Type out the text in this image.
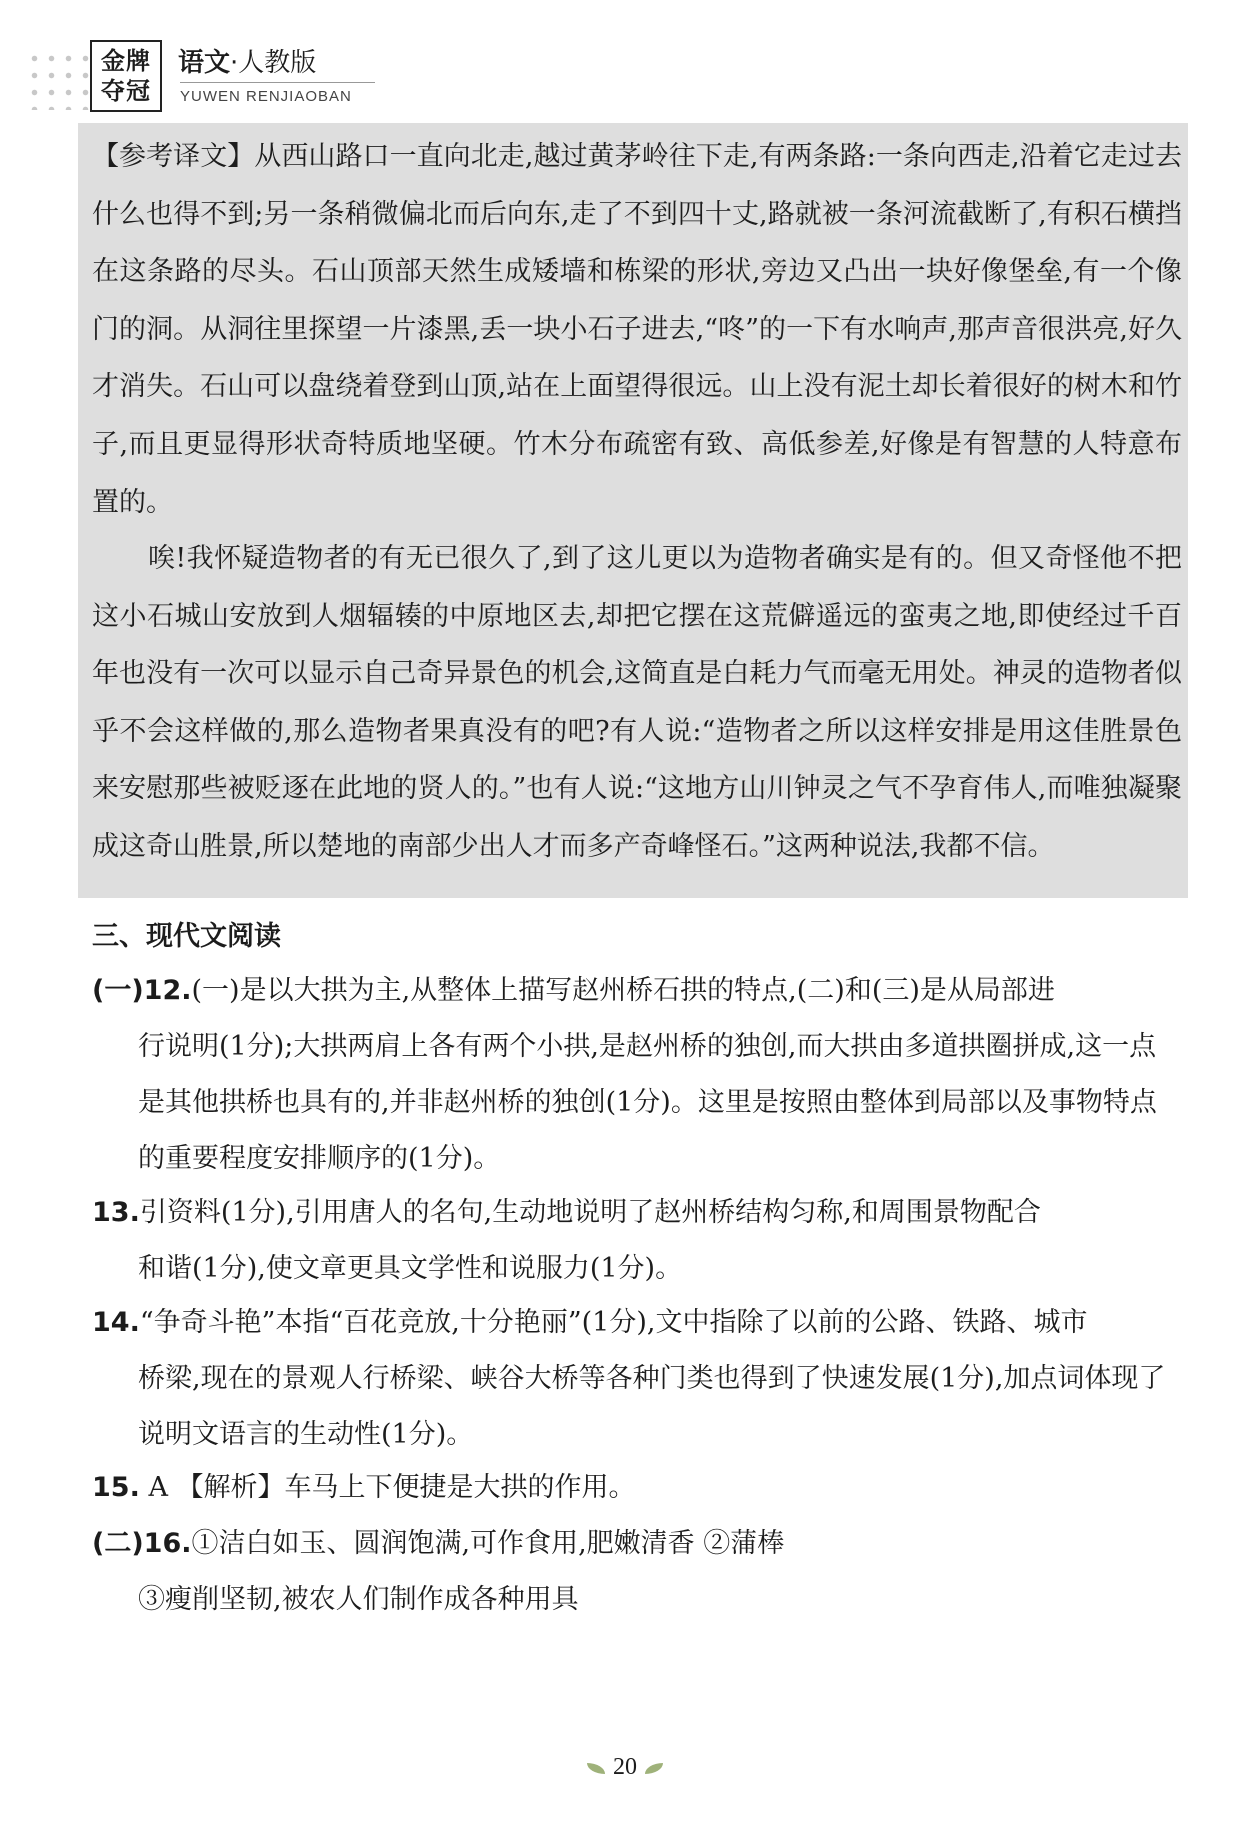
金牌
夺冠
语文·人教版
YUWEN RENJIAOBAN
【参考译文】从西山路口一直向北走,越过黄茅岭往下走,有两条路:一条向西走,沿着它走过去什么也得不到;另一条稍微偏北而后向东,走了不到四十丈,路就被一条河流截断了,有积石横挡在这条路的尽头。石山顶部天然生成矮墙和栋梁的形状,旁边又凸出一块好像堡垒,有一个像门的洞。从洞往里探望一片漆黑,丢一块小石子进去,“咚”的一下有水响声,那声音很洪亮,好久才消失。石山可以盘绕着登到山顶,站在上面望得很远。山上没有泥土却长着很好的树木和竹子,而且更显得形状奇特质地坚硬。竹木分布疏密有致、高低参差,好像是有智慧的人特意布置的。
唉!我怀疑造物者的有无已很久了,到了这儿更以为造物者确实是有的。但又奇怪他不把这小石城山安放到人烟辐辏的中原地区去,却把它摆在这荒僻遥远的蛮夷之地,即使经过千百年也没有一次可以显示自己奇异景色的机会,这简直是白耗力气而毫无用处。神灵的造物者似乎不会这样做的,那么造物者果真没有的吧?有人说:“造物者之所以这样安排是用这佳胜景色来安慰那些被贬逐在此地的贤人的。”也有人说:“这地方山川钟灵之气不孕育伟人,而唯独凝聚成这奇山胜景,所以楚地的南部少出人才而多产奇峰怪石。”这两种说法,我都不信。
三、现代文阅读
(一)12.(一)是以大拱为主,从整体上描写赵州桥石拱的特点,(二)和(三)是从局部进
行说明(1分);大拱两肩上各有两个小拱,是赵州桥的独创,而大拱由多道拱圈拼成,这一点是其他拱桥也具有的,并非赵州桥的独创(1分)。这里是按照由整体到局部以及事物特点的重要程度安排顺序的(1分)。
13.引资料(1分),引用唐人的名句,生动地说明了赵州桥结构匀称,和周围景物配合
和谐(1分),使文章更具文学性和说服力(1分)。
14.“争奇斗艳”本指“百花竞放,十分艳丽”(1分),文中指除了以前的公路、铁路、城市
桥梁,现在的景观人行桥梁、峡谷大桥等各种门类也得到了快速发展(1分),加点词体现了说明文语言的生动性(1分)。
15. A 【解析】车马上下便捷是大拱的作用。
(二)16.①洁白如玉、圆润饱满,可作食用,肥嫩清香 ②蒲棒
③瘦削坚韧,被农人们制作成各种用具
20
